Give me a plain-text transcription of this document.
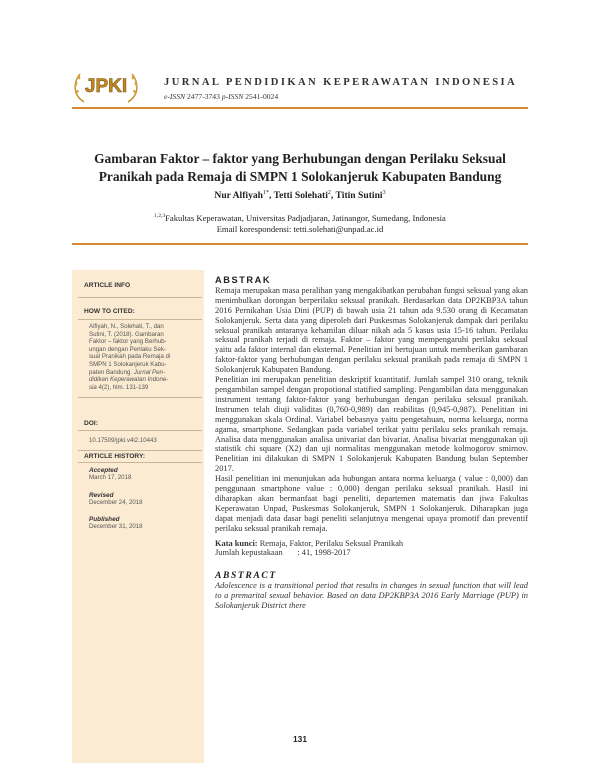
JPKI	JURNAL PENDIDIKAN KEPERAWATAN INDONESIA
e-ISSN 2477-3743 p-ISSN 2541-0024
Gambaran Faktor – faktor yang Berhubungan dengan Perilaku Seksual
Pranikah pada Remaja di SMPN 1 Solokanjeruk Kabupaten Bandung
Nur Alfiyah$^{1*}$, Tetti Solehati$^2$, Titin Sutini$^3$
$^{1,2,3}$Fakultas Keperawatan, Universitas Padjadjaran, Jatinangor, Sumedang, Indonesia
Email korespondensi: tetti.solehati@unpad.ac.id
ARTICLE INFO
HOW TO CITED:
Alfiyah, N., Solehati, T., dan
Sutini, T. (2018). Gambaran
Faktor – faktor yang Berhub-
ungan dengan Perilaku Sek-
sual Pranikah pada Remaja di
SMPN 1 Solokanjeruk Kabu-
paten Bandung. Jurnal Pen-
didikan Keperawatan Indone-
sia 4(2), hlm. 131-139
DOI:
10.17509/jpki.v4i2.10443
ARTICLE HISTORY:
Accepted
March 17, 2018
Revised
December 24, 2018
Published
December 31, 2018
ABSTRAK

Remaja merupakan masa peralihan yang mengakibatkan perubahan fungsi seksual yang akan menimbulkan dorongan berperilaku seksual pranikah. Berdasarkan data DP2KBP3A tahun 2016 Pernikahan Usia Dini (PUP) di bawah usia 21 tahun ada 9.530 orang di Kecamatan Solokanjeruk. Serta data yang diperoleh dari Puskesmas Solokanjeruk dampak dari perilaku seksual pranikah antaranya kehamilan diluar nikah ada 5 kasus usia 15-16 tahun. Perilaku seksual pranikah terjadi di remaja. Faktor – faktor yang mempengaruhi perilaku seksual yaitu ada faktor internal dan eksternal. Penelitian ini bertujuan untuk memberikan gambaran faktor-faktor yang berhubungan dengan perilaku seksual pranikah pada remaja di SMPN 1 Solokanjeruk Kabupaten Bandung.

Penelitian ini merupakan penelitian deskriptif kuantitatif. Jumlah sampel 310 orang, teknik pengambilan sampel dengan propotional statified sampling. Pengambilan data menggunakan instrument tentang faktor-faktor yang berhubungan dengan perilaku seksual pranikah. Instrumen telah diuji validitas (0,760-0,989) dan reabilitas (0,945-0,987). Penelitian ini menggunakan skala Ordinal. Variabel bebasnya yaitu pengetahuan, norma keluarga, norma agama, smartphone. Sedangkan pada variabel terikat yaitu perilaku seks pranikah remaja. Analisa data menggunakan analisa univariat dan bivariat. Analisa bivariat menggunakan uji statistik chi square (X2) dan uji normalitas menggunakan metode kolmogorov smirnov. Penelitian ini dilakukan di SMPN 1 Solokanjeruk Kabupaten Bandung bulan September 2017.

Hasil penelitian ini menunjukan ada hubungan antara norma keluarga ( value : 0,000) dan penggunaan smartphone value : 0,000) dengan perilaku seksual pranikah. Hasil ini diharapkan akan bermanfaat bagi peneliti, departemen matematis dan jiwa Fakultas Keperawatan Unpad, Puskesmas Solokanjeruk, SMPN 1 Solokanjeruk. Diharapkan juga dapat menjadi data dasar bagi peneliti selanjutnya mengenai upaya promotif dan preventif perilaku seksual pranikah remaja.

Kata kunci: Remaja, Faktor, Perilaku Seksual Pranikah
Jumlah kepustakaan : 41, 1998-2017
ABSTRACT

Adolescence is a transitional period that results in changes in sexual function that will lead to a premarital sexual behavior. Based on data DP2KBP3A 2016 Early Marriage (PUP) in Solokanjeruk District there

131
